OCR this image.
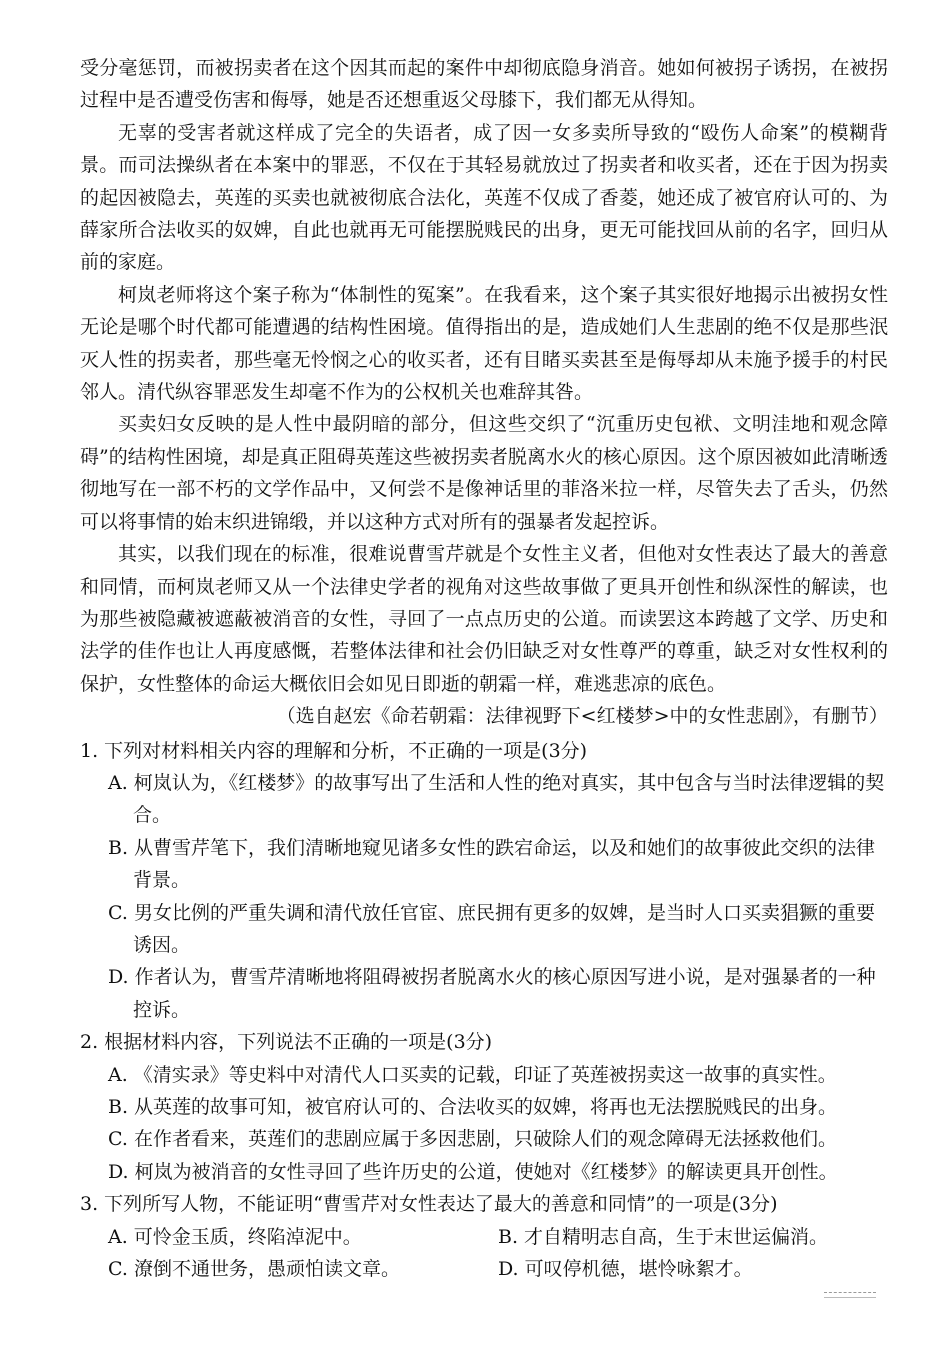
受分毫惩罚，而被拐卖者在这个因其而起的案件中却彻底隐身消音。她如何被拐子诱拐，在被拐过程中是否遭受伤害和侮辱，她是否还想重返父母膝下，我们都无从得知。

无辜的受害者就这样成了完全的失语者，成了因一女多卖所导致的“殴伤人命案”的模糊背景。而司法操纵者在本案中的罪恶，不仅在于其轻易就放过了拐卖者和收买者，还在于因为拐卖的起因被隐去，英莲的买卖也就被彻底合法化，英莲不仅成了香菱，她还成了被官府认可的、为薛家所合法收买的奴婢，自此也就再无可能摆脱贱民的出身，更无可能找回从前的名字，回归从前的家庭。

柯岚老师将这个案子称为“体制性的冤案”。在我看来，这个案子其实很好地揭示出被拐女性无论是哪个时代都可能遭遇的结构性困境。值得指出的是，造成她们人生悲剧的绝不仅是那些泯灭人性的拐卖者，那些毫无怜悯之心的收买者，还有目睹买卖甚至是侮辱却从未施予援手的村民邻人。清代纵容罪恶发生却毫不作为的公权机关也难辞其咎。

买卖妇女反映的是人性中最阴暗的部分，但这些交织了“沉重历史包袱、文明洼地和观念障碍”的结构性困境，却是真正阻碍英莲这些被拐卖者脱离水火的核心原因。这个原因被如此清晰透彻地写在一部不朽的文学作品中，又何尝不是像神话里的菲洛米拉一样，尽管失去了舌头，仍然可以将事情的始末织进锦缎，并以这种方式对所有的强暴者发起控诉。

其实，以我们现在的标准，很难说曹雪芹就是个女性主义者，但他对女性表达了最大的善意和同情，而柯岚老师又从一个法律史学者的视角对这些故事做了更具开创性和纵深性的解读，也为那些被隐藏被遮蔽被消音的女性，寻回了一点点历史的公道。而读罢这本跨越了文学、历史和法学的佳作也让人再度感慨，若整体法律和社会仍旧缺乏对女性尊严的尊重，缺乏对女性权利的保护，女性整体的命运大概依旧会如见日即逝的朝霜一样，难逃悲凉的底色。

（选自赵宏《命若朝霜：法律视野下<红楼梦>中的女性悲剧》，有删节）

1. 下列对材料相关内容的理解和分析，不正确的一项是(3分)

A. 柯岚认为，《红楼梦》的故事写出了生活和人性的绝对真实，其中包含与当时法律逻辑的契合。

B. 从曹雪芹笔下，我们清晰地窥见诸多女性的跌宕命运，以及和她们的故事彼此交织的法律背景。

C. 男女比例的严重失调和清代放任官宦、庶民拥有更多的奴婢，是当时人口买卖猖獗的重要诱因。

D. 作者认为，曹雪芹清晰地将阻碍被拐者脱离水火的核心原因写进小说，是对强暴者的一种控诉。

2. 根据材料内容，下列说法不正确的一项是(3分)

A. 《清实录》等史料中对清代人口买卖的记载，印证了英莲被拐卖这一故事的真实性。

B. 从英莲的故事可知，被官府认可的、合法收买的奴婢，将再也无法摆脱贱民的出身。

C. 在作者看来，英莲们的悲剧应属于多因悲剧，只破除人们的观念障碍无法拯救他们。

D. 柯岚为被消音的女性寻回了些许历史的公道，使她对《红楼梦》的解读更具开创性。

3. 下列所写人物，不能证明“曹雪芹对女性表达了最大的善意和同情”的一项是(3分)

A. 可怜金玉质，终陷淖泥中。	B. 才自精明志自高，生于末世运偏消。
C. 潦倒不通世务，愚顽怕读文章。	D. 可叹停机德，堪怜咏絮才。
